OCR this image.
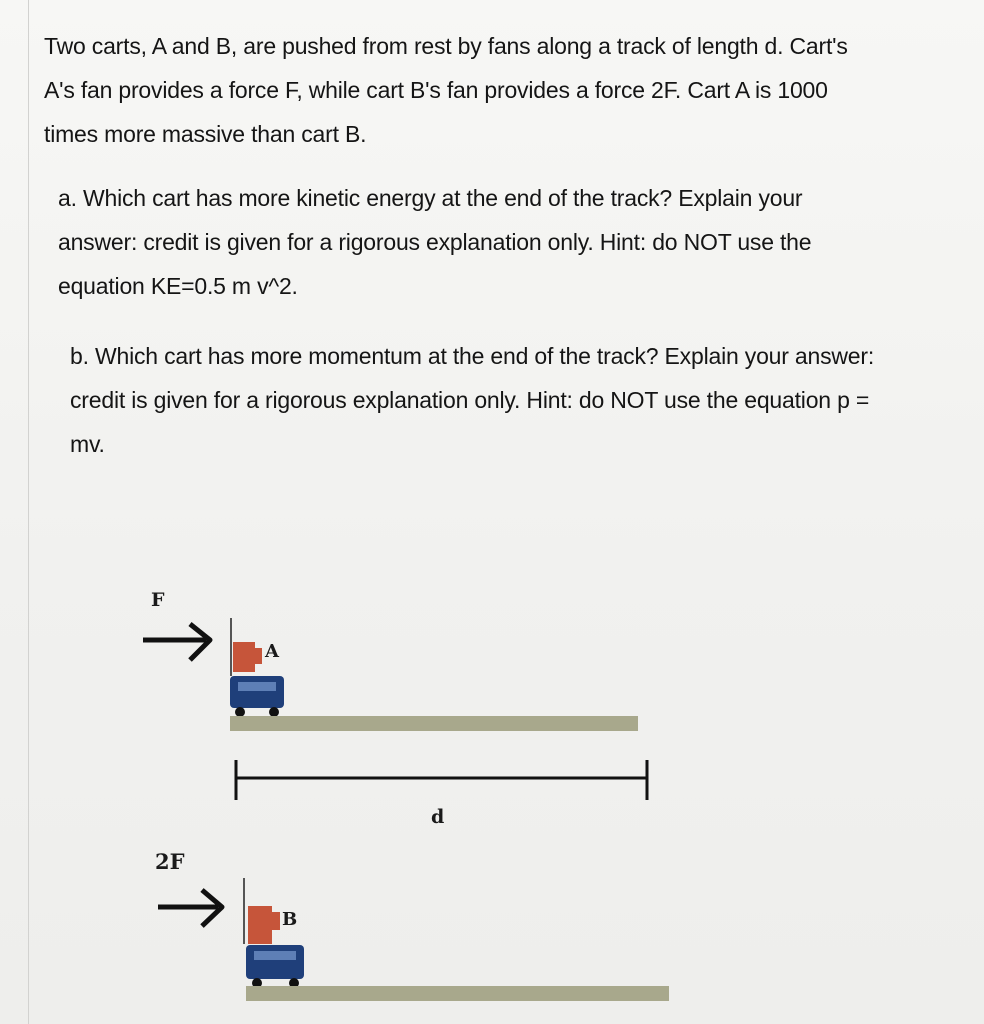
Two carts, A and B, are pushed from rest by fans along a track of length d. Cart's
A's fan provides a force F, while cart B's fan provides a force 2F. Cart A is 1000
times more massive than cart B.
a. Which cart has more kinetic energy at the end of the track? Explain your
answer: credit is given for a rigorous explanation only. Hint: do NOT use the
equation KE=0.5 m v^2.
b. Which cart has more momentum at the end of the track? Explain your answer:
credit is given for a rigorous explanation only. Hint: do NOT use the equation p =
mv.
F
A
d
2F
B
